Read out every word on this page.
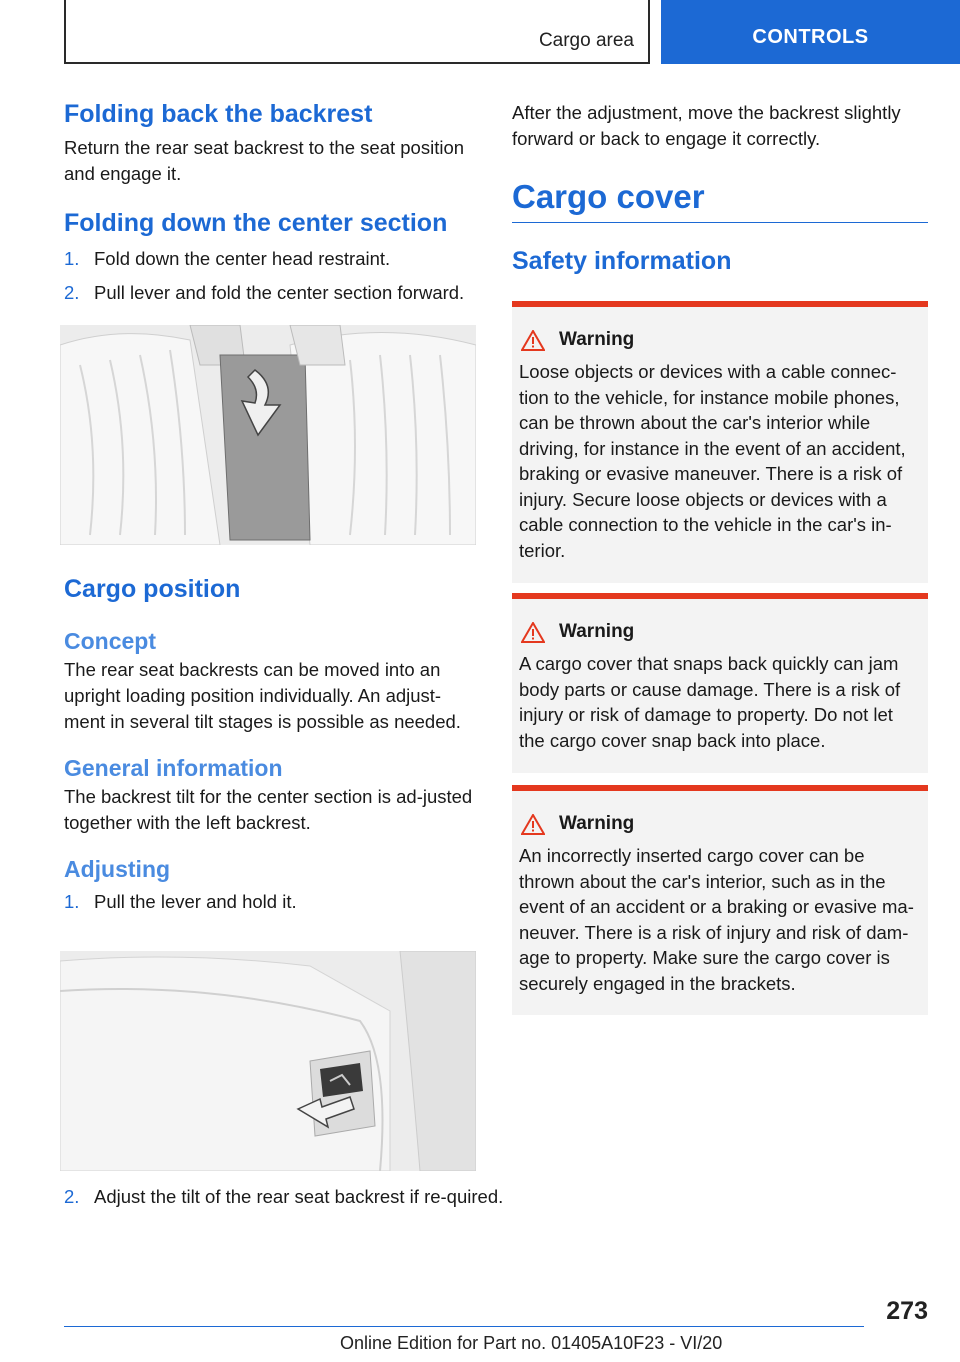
Cargo area	CONTROLS
Folding back the backrest
Return the rear seat backrest to the seat position and engage it.
Folding down the center section
1. Fold down the center head restraint.
2. Pull lever and fold the center section forward.
Cargo position
Concept
The rear seat backrests can be moved into an upright loading position individually. An adjust-ment in several tilt stages is possible as needed.
General information
The backrest tilt for the center section is ad-justed together with the left backrest.
Adjusting
1. Pull the lever and hold it.
2. Adjust the tilt of the rear seat backrest if re-quired.
After the adjustment, move the backrest slightly forward or back to engage it correctly.
Cargo cover
Safety information
Warning
Loose objects or devices with a cable connec-tion to the vehicle, for instance mobile phones, can be thrown about the car's interior while driving, for instance in the event of an accident, braking or evasive maneuver. There is a risk of injury. Secure loose objects or devices with a cable connection to the vehicle in the car's in-terior.
Warning
A cargo cover that snaps back quickly can jam body parts or cause damage. There is a risk of injury or risk of damage to property. Do not let the cargo cover snap back into place.
Warning
An incorrectly inserted cargo cover can be thrown about the car's interior, such as in the event of an accident or a braking or evasive ma-neuver. There is a risk of injury and risk of dam-age to property. Make sure the cargo cover is securely engaged in the brackets.
273
Online Edition for Part no. 01405A10F23 - VI/20
